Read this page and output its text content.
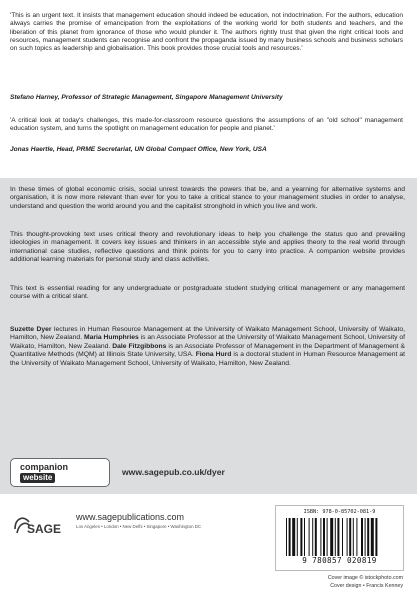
'This is an urgent text. It insists that management education should indeed be education, not indoctrination. For the authors, education always carries the promise of emancipation from the exploitations of the working world for both students and teachers, and the liberation of this planet from ignorance of those who would plunder it. The authors rightly trust that given the right critical tools and resources, management students can recognise and confront the propaganda issued by many business schools and business scholars on such topics as leadership and globalisation. This book provides those crucial tools and resources.'
Stefano Harney, Professor of Strategic Management, Singapore Management University
'A critical look at today's challenges, this made-for-classroom resource questions the assumptions of an "old school" management education system, and turns the spotlight on management education for people and planet.'
Jonas Haertle, Head, PRME Secretariat, UN Global Compact Office, New York, USA
In these times of global economic crisis, social unrest towards the powers that be, and a yearning for alternative systems and organisation, it is now more relevant than ever for you to take a critical stance to your management studies in order to analyse, understand and question the world around you and the capitalist stronghold in which you live and work.
This thought-provoking text uses critical theory and revolutionary ideas to help you challenge the status quo and prevailing ideologies in management. It covers key issues and thinkers in an accessible style and applies theory to the real world through international case studies, reflective questions and think points for you to carry into practice. A companion website provides additional learning materials for personal study and class activities.
This text is essential reading for any undergraduate or postgraduate student studying critical management or any management course with a critical slant.
Suzette Dyer lectures in Human Resource Management at the University of Waikato Management School, University of Waikato, Hamilton, New Zealand. Maria Humphries is an Associate Professor at the University of Waikato Management School, University of Waikato, Hamilton, New Zealand. Dale Fitzgibbons is an Associate Professor of Management in the Department of Management & Quantitative Methods (MQM) at Illinois State University, USA. Fiona Hurd is a doctoral student in Human Resource Management at the University of Waikato Management School, University of Waikato, Hamilton, New Zealand.
companion
website
www.sagepub.co.uk/dyer
SAGE
www.sagepublications.com
Los Angeles • London • New Delhi • Singapore • Washington DC
ISBN: 978-0-85702-081-9
9 780857 020819
Cover image © istockphoto.com
Cover design • Francis Kenney
